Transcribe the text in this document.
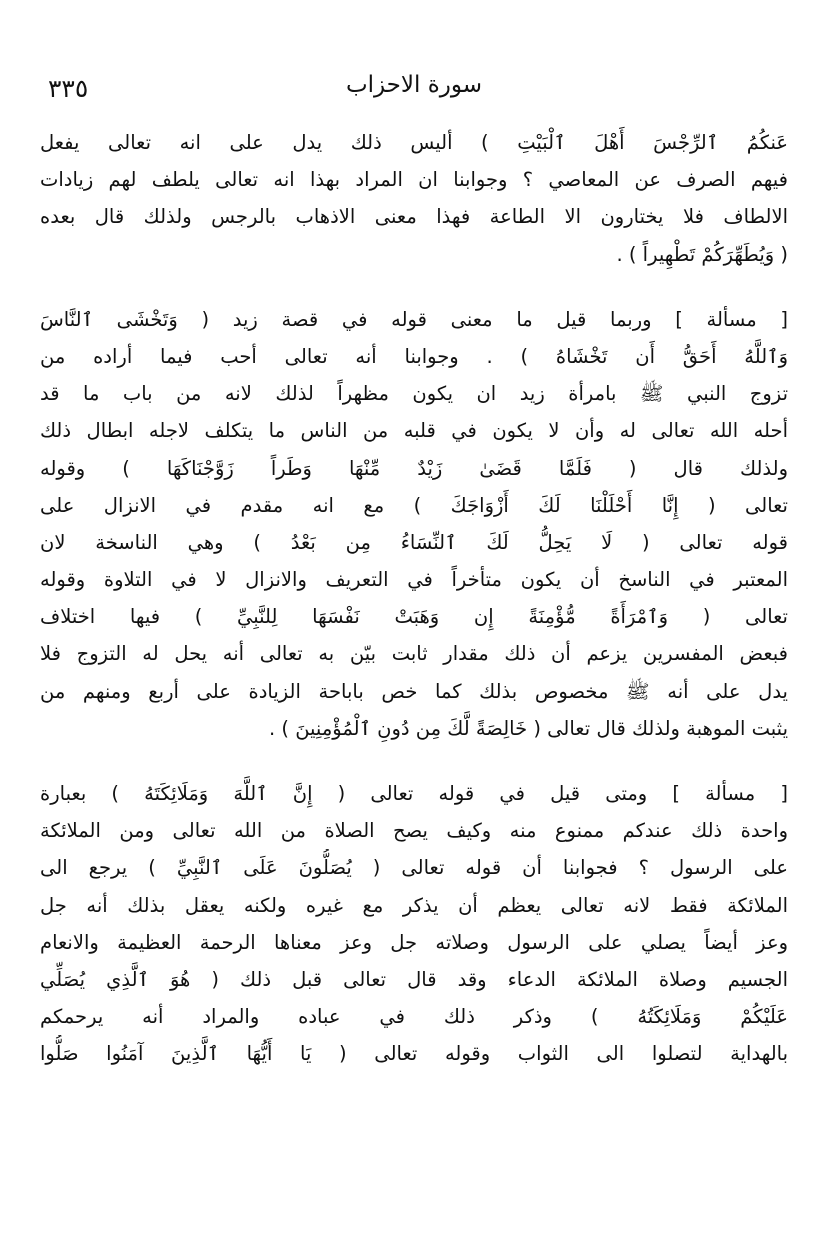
٣٣٥	سورة الاحزاب
عَنكُمُ ٱلرِّجْسَ أَهْلَ ٱلْبَيْتِ ) أليس ذلك يدل على انه تعالى يفعل
فيهم الصرف عن المعاصي ؟ وجوابنا ان المراد بهذا انه تعالى يلطف لهم زيادات
الالطاف فلا يختارون الا الطاعة فهذا معنى الاذهاب بالرجس ولذلك قال بعده
( وَيُطَهِّرَكُمْ تَطْهِيراً ) .
[ مسألة ] وربما قيل ما معنى قوله في قصة زيد ( وَتَخْشَى ٱلنَّاسَ
وَٱللَّهُ أَحَقُّ أَن تَخْشَاهُ ) . وجوابنا أنه تعالى أحب فيما أراده من
تزوج النبي ﷺ بامرأة زيد ان يكون مظهراً لذلك لانه من باب ما قد
أحله الله تعالى له وأن لا يكون في قلبه من الناس ما يتكلف لاجله ابطال ذلك
ولذلك قال ( فَلَمَّا قَضَىٰ زَيْدٌ مِّنْهَا وَطَراً زَوَّجْنَاكَهَا ) وقوله
تعالى ( إِنَّا أَحْلَلْنَا لَكَ أَزْوَاجَكَ ) مع انه مقدم في الانزال على
قوله تعالى ( لَا يَحِلُّ لَكَ ٱلنِّسَاءُ مِن بَعْدُ ) وهي الناسخة لان
المعتبر في الناسخ أن يكون متأخراً في التعريف والانزال لا في التلاوة وقوله
تعالى ( وَٱمْرَأَةً مُّؤْمِنَةً إِن وَهَبَتْ نَفْسَهَا لِلنَّبِيِّ ) فيها اختلاف
فبعض المفسرين يزعم أن ذلك مقدار ثابت بيّن به تعالى أنه يحل له التزوج فلا
يدل على أنه ﷺ مخصوص بذلك كما خص باباحة الزيادة على أربع ومنهم من
يثبت الموهبة ولذلك قال تعالى ( خَالِصَةً لَّكَ مِن دُونِ ٱلْمُؤْمِنِينَ ) .
[ مسألة ] ومتى قيل في قوله تعالى ( إِنَّ ٱللَّهَ وَمَلَائِكَتَهُ ) بعبارة
واحدة ذلك عندكم ممنوع منه وكيف يصح الصلاة من الله تعالى ومن الملائكة
على الرسول ؟ فجوابنا أن قوله تعالى ( يُصَلُّونَ عَلَى ٱلنَّبِيِّ ) يرجع الى
الملائكة فقط لانه تعالى يعظم أن يذكر مع غيره ولكنه يعقل بذلك أنه جل
وعز أيضاً يصلي على الرسول وصلاته جل وعز معناها الرحمة العظيمة والانعام
الجسيم وصلاة الملائكة الدعاء وقد قال تعالى قبل ذلك ( هُوَ ٱلَّذِي يُصَلِّي
عَلَيْكُمْ وَمَلَائِكَتُهُ ) وذكر ذلك في عباده والمراد أنه يرحمكم
بالهداية لتصلوا الى الثواب وقوله تعالى ( يَا أَيُّهَا ٱلَّذِينَ آمَنُوا صَلُّوا
